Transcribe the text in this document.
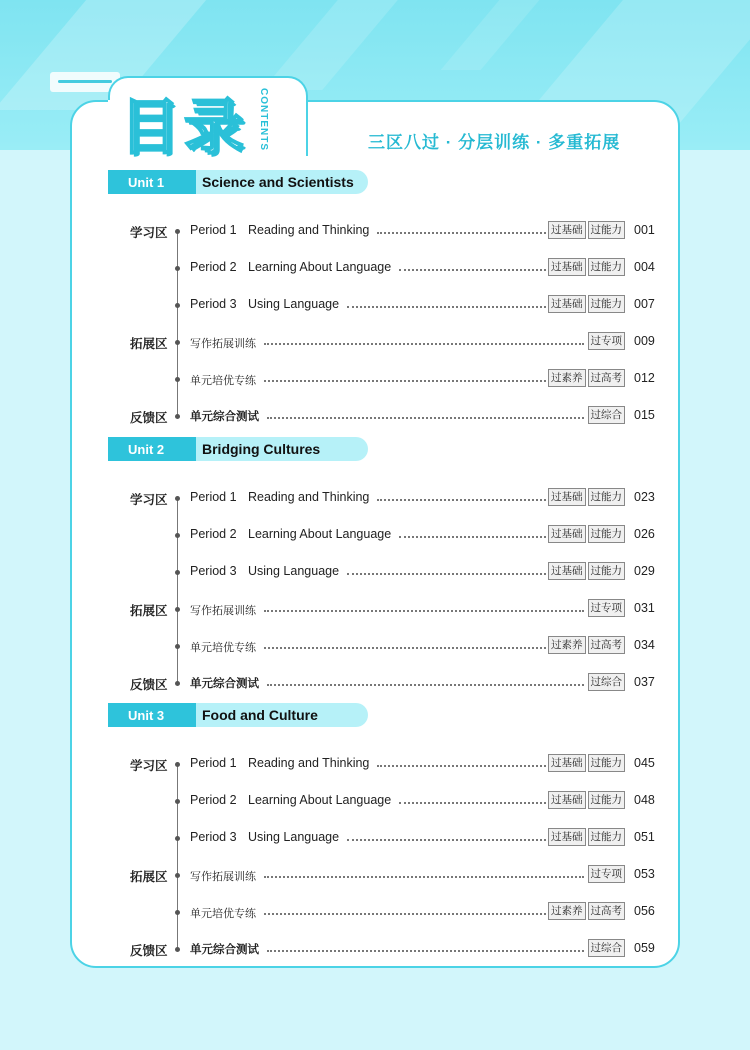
目录 CONTENTS	三区八过 · 分层训练 · 多重拓展
Unit 1	Science and Scientists
学习区 Period 1 Reading and Thinking	过基础 过能力 001
Period 2 Learning About Language	过基础 过能力 004
Period 3 Using Language	过基础 过能力 007
拓展区 写作拓展训练	过专项 009
单元培优专练	过素养 过高考 012
反馈区 单元综合测试	过综合 015
Unit 2	Bridging Cultures
学习区 Period 1 Reading and Thinking	过基础 过能力 023
Period 2 Learning About Language	过基础 过能力 026
Period 3 Using Language	过基础 过能力 029
拓展区 写作拓展训练	过专项 031
单元培优专练	过素养 过高考 034
反馈区 单元综合测试	过综合 037
Unit 3	Food and Culture
学习区 Period 1 Reading and Thinking	过基础 过能力 045
Period 2 Learning About Language	过基础 过能力 048
Period 3 Using Language	过基础 过能力 051
拓展区 写作拓展训练	过专项 053
单元培优专练	过素养 过高考 056
反馈区 单元综合测试	过综合 059
